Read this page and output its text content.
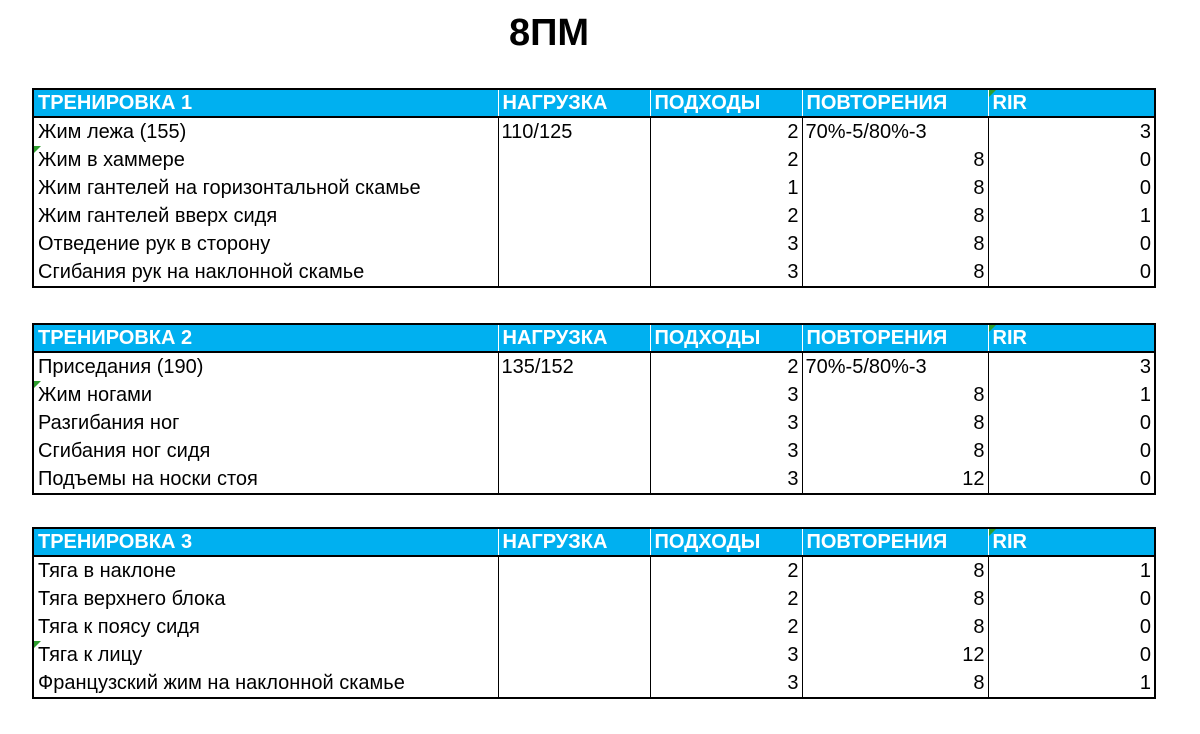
8ПМ
ТРЕНИРОВКА 1	НАГРУЗКА	ПОДХОДЫ	ПОВТОРЕНИЯ	RIR
Жим лежа (155)	110/125	2	70%-5/80%-3	3

Жим в хаммере		2	8	0
Жим гантелей на горизонтальной скамье		1	8	0
Жим гантелей вверх сидя		2	8	1
Отведение рук в сторону		3	8	0
Сгибания рук на наклонной скамье		3	8	0
ТРЕНИРОВКА 2	НАГРУЗКА	ПОДХОДЫ	ПОВТОРЕНИЯ	RIR
Приседания (190)	135/152	2	70%-5/80%-3	3

Жим ногами		3	8	1
Разгибания ног		3	8	0
Сгибания ног сидя		3	8	0
Подъемы на носки стоя		3	12	0
ТРЕНИРОВКА 3	НАГРУЗКА	ПОДХОДЫ	ПОВТОРЕНИЯ	RIR
Тяга в наклоне		2	8	1
Тяга верхнего блока		2	8	0
Тяга к поясу сидя		2	8	0

Тяга к лицу		3	12	0
Французский жим на наклонной скамье		3	8	1
